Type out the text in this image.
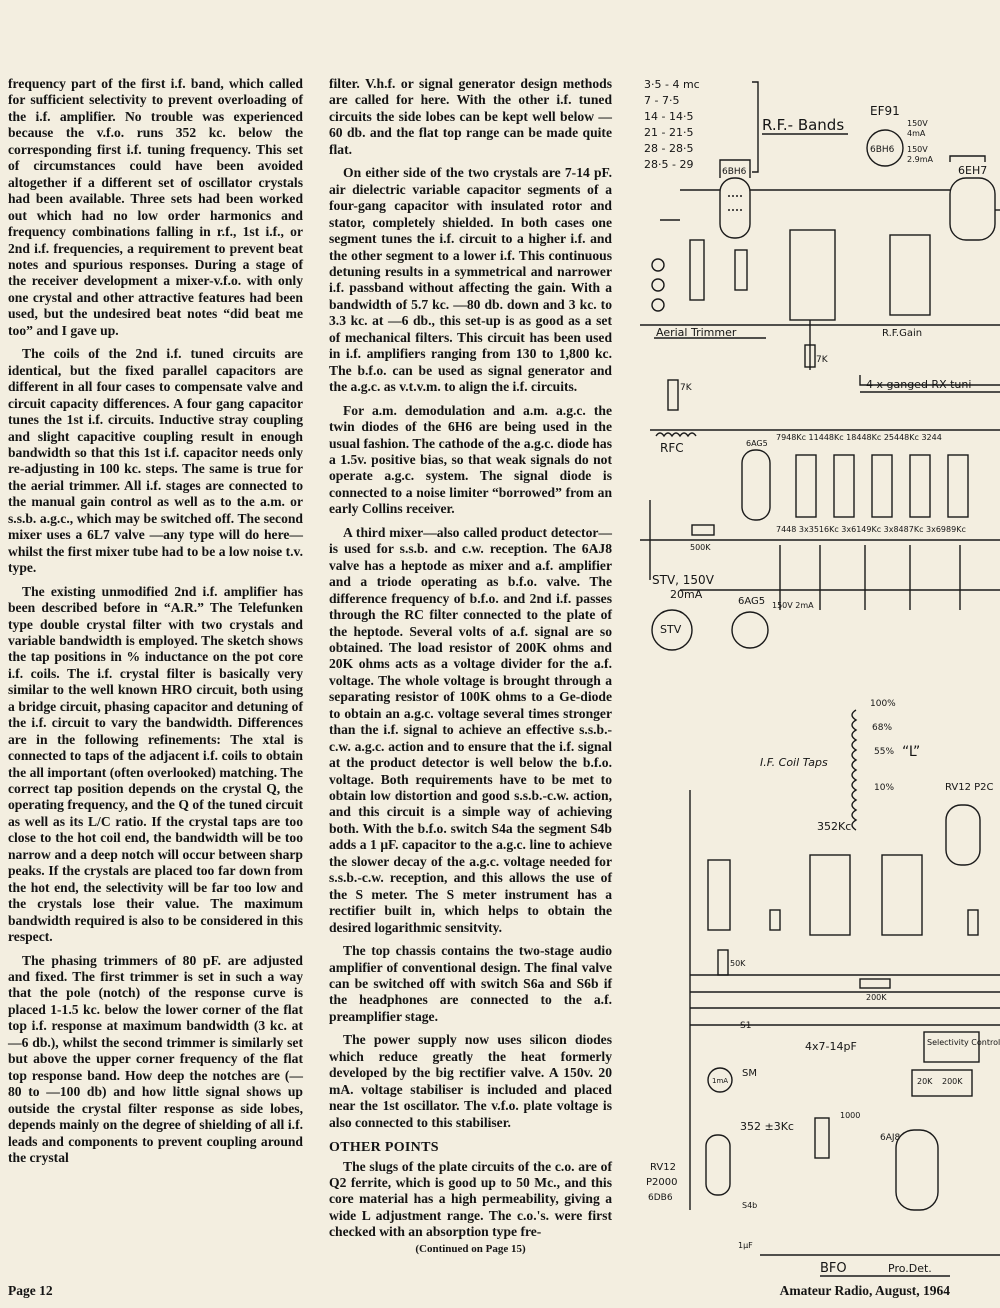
frequency part of the first i.f. band, which called for sufficient selectivity to prevent overloading of the i.f. amplifier. No trouble was experienced because the v.f.o. runs 352 kc. below the corresponding first i.f. tuning frequency. This set of circumstances could have been avoided altogether if a different set of oscillator crystals had been available. Three sets had been worked out which had no low order harmonics and frequency combinations falling in r.f., 1st i.f., or 2nd i.f. frequencies, a requirement to prevent beat notes and spurious responses. During a stage of the receiver development a mixer-v.f.o. with only one crystal and other attractive features had been used, but the undesired beat notes “did beat me too” and I gave up.

The coils of the 2nd i.f. tuned circuits are identical, but the fixed parallel capacitors are different in all four cases to compensate valve and circuit capacity differences. A four gang capacitor tunes the 1st i.f. circuits. Inductive stray coupling and slight capacitive coupling result in enough bandwidth so that this 1st i.f. capacitor needs only re-adjusting in 100 kc. steps. The same is true for the aerial trimmer. All i.f. stages are connected to the manual gain control as well as to the a.m. or s.s.b. a.g.c., which may be switched off. The second mixer uses a 6L7 valve —any type will do here—whilst the first mixer tube had to be a low noise t.v. type.

The existing unmodified 2nd i.f. amplifier has been described before in “A.R.” The Telefunken type double crystal filter with two crystals and variable bandwidth is employed. The sketch shows the tap positions in % inductance on the pot core i.f. coils. The i.f. crystal filter is basically very similar to the well known HRO circuit, both using a bridge circuit, phasing capacitor and detuning of the i.f. circuit to vary the bandwidth. Differences are in the following refinements: The xtal is connected to taps of the adjacent i.f. coils to obtain the all important (often overlooked) matching. The correct tap position depends on the crystal Q, the operating frequency, and the Q of the tuned circuit as well as its L/C ratio. If the crystal taps are too close to the hot coil end, the bandwidth will be too narrow and a deep notch will occur between sharp peaks. If the crystals are placed too far down from the hot end, the selectivity will be far too low and the crystals lose their value. The maximum bandwidth required is also to be considered in this respect.

The phasing trimmers of 80 pF. are adjusted and fixed. The first trimmer is set in such a way that the pole (notch) of the response curve is placed 1-1.5 kc. below the lower corner of the flat top i.f. response at maximum bandwidth (3 kc. at —6 db.), whilst the second trimmer is similarly set but above the upper corner frequency of the flat top response band. How deep the notches are (—80 to —100 db) and how little signal shows up outside the crystal filter response as side lobes, depends mainly on the degree of shielding of all i.f. leads and components to prevent coupling around the crystal

filter. V.h.f. or signal generator design methods are called for here. With the other i.f. tuned circuits the side lobes can be kept well below —60 db. and the flat top range can be made quite flat.

On either side of the two crystals are 7-14 pF. air dielectric variable capacitor segments of a four-gang capacitor with insulated rotor and stator, completely shielded. In both cases one segment tunes the i.f. circuit to a higher i.f. and the other segment to a lower i.f. This continuous detuning results in a symmetrical and narrower i.f. passband without affecting the gain. With a bandwidth of 5.7 kc. —80 db. down and 3 kc. to 3.3 kc. at —6 db., this set-up is as good as a set of mechanical filters. This circuit has been used in i.f. amplifiers ranging from 130 to 1,800 kc. The b.f.o. can be used as signal generator and the a.g.c. as v.t.v.m. to align the i.f. circuits.

For a.m. demodulation and a.m. a.g.c. the twin diodes of the 6H6 are being used in the usual fashion. The cathode of the a.g.c. diode has a 1.5v. positive bias, so that weak signals do not operate a.g.c. system. The signal diode is connected to a noise limiter “borrowed” from an early Collins receiver.

A third mixer—also called product detector—is used for s.s.b. and c.w. reception. The 6AJ8 valve has a heptode as mixer and a.f. amplifier and a triode operating as b.f.o. valve. The difference frequency of b.f.o. and 2nd i.f. passes through the RC filter connected to the plate of the heptode. Several volts of a.f. signal are so obtained. The load resistor of 200K ohms and 20K ohms acts as a voltage divider for the a.f. voltage. The whole voltage is brought through a separating resistor of 100K ohms to a Ge-diode to obtain an a.g.c. voltage several times stronger than the i.f. signal to achieve an effective s.s.b.-c.w. a.g.c. action and to ensure that the i.f. signal at the product detector is well below the b.f.o. voltage. Both requirements have to be met to obtain low distortion and good s.s.b.-c.w. action, and this circuit is a simple way of achieving both. With the b.f.o. switch S4a the segment S4b adds a 1 μF. capacitor to the a.g.c. line to achieve the slower decay of the a.g.c. voltage needed for s.s.b.-c.w. reception, and this allows the use of the S meter. The S meter instrument has a rectifier built in, which helps to obtain the desired logarithmic sensitvity.

The top chassis contains the two-stage audio amplifier of conventional design. The final valve can be switched off with switch S6a and S6b if the headphones are connected to the a.f. preamplifier stage.

The power supply now uses silicon diodes which reduce greatly the heat formerly developed by the big rectifier valve. A 150v. 20 mA. voltage stabiliser is included and placed near the 1st oscillator. The v.f.o. plate voltage is also connected to this stabiliser.

OTHER POINTS

The slugs of the plate circuits of the c.o. are of Q2 ferrite, which is good up to 50 Mc., and this core material has a high permeability, giving a wide L adjustment range. The c.o.'s. were first checked with an absorption type fre-

(Continued on Page 15)

3·5 - 4 mc
7 - 7·5
14 - 14·5
21 - 21·5
28 - 28·5
28·5 - 29
R.F.- Bands
EF91
6BH6
150V
4mA
150V
2.9mA
6BH6	6EH7
Aerial Trimmer	R.F.Gain
7K
4 x ganged RX tuni
7K
RFC	6AG5
7948Kc 11448Kc 18448Kc 25448Kc 3244
500K
7448 3x3516Kc 3x6149Kc 3x8487Kc 3x6989Kc
STV, 150V
20mA
STV
6AG5 150V 2mA
100%
68%
55% “L”
10%
I.F. Coil Taps
352Kc
RV12 P2C
50K
200K
4x7-14pF	Selectivity Control
S1
1mA
SM
352 ±3Kc
1000
20K 200K
6AJ8
RV12
P2000
6DB6
S4b
1μF
BFO	Pro.Det.
Page 12	Amateur Radio, August, 1964
